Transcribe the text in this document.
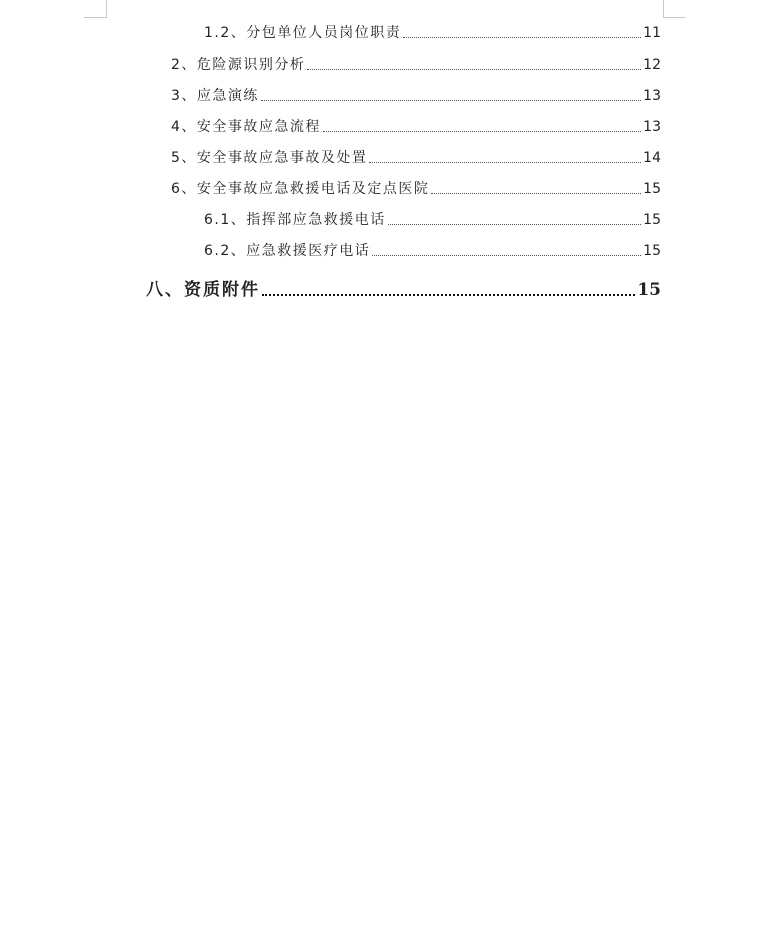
1.2、分包单位人员岗位职责	11
2、危险源识别分析	12
3、应急演练	13
4、安全事故应急流程	13
5、安全事故应急事故及处置	14
6、安全事故应急救援电话及定点医院	15
6.1、指挥部应急救援电话	15
6.2、应急救援医疗电话	15
八、资质附件	15
